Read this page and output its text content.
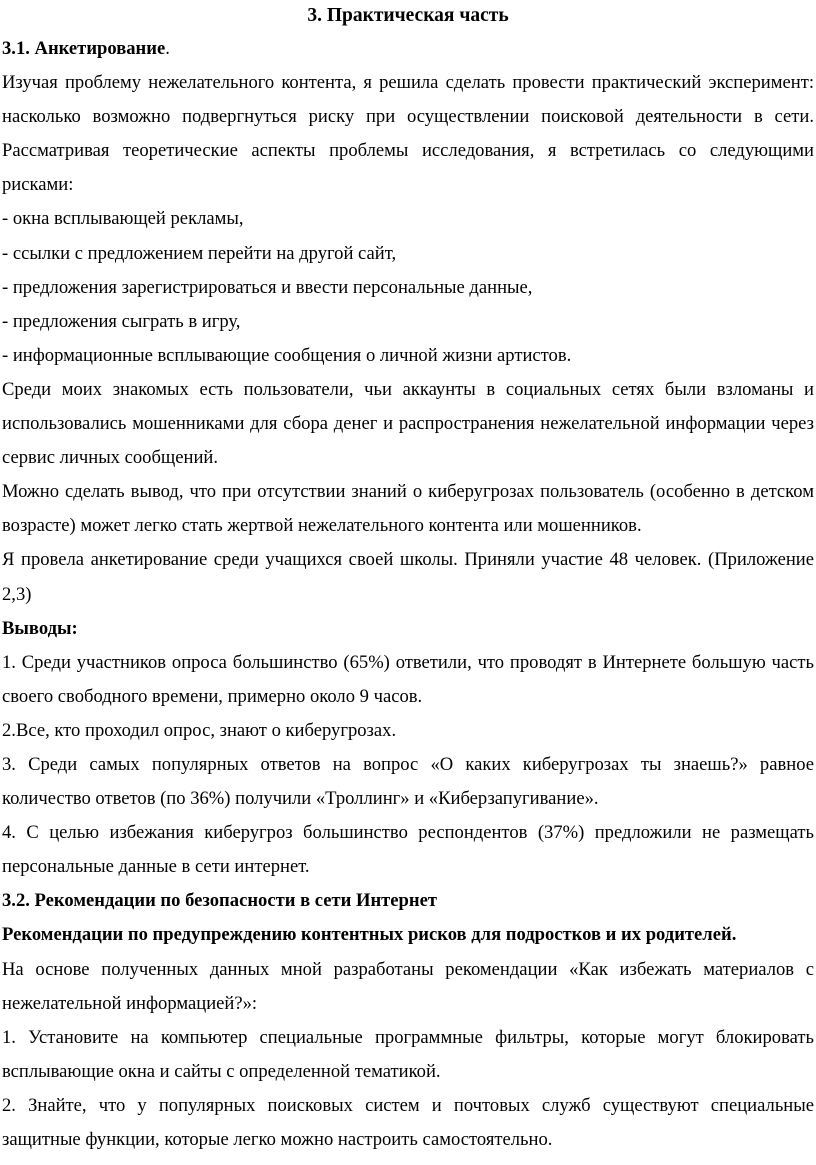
3. Практическая часть

3.1. Анкетирование.

Изучая проблему нежелательного контента, я решила сделать провести практический эксперимент: насколько возможно подвергнуться риску при осуществлении поисковой деятельности в сети. Рассматривая теоретические аспекты проблемы исследования, я встретилась со следующими рисками:

- окна всплывающей рекламы,

- ссылки с предложением перейти на другой сайт,

- предложения зарегистрироваться и ввести персональные данные,

- предложения сыграть в игру,

- информационные всплывающие сообщения о личной жизни артистов.

Среди моих знакомых есть пользователи, чьи аккаунты в социальных сетях были взломаны и использовались мошенниками для сбора денег и распространения нежелательной информации через сервис личных сообщений.

Можно сделать вывод, что при отсутствии знаний о киберугрозах пользователь (особенно в детском возрасте) может легко стать жертвой нежелательного контента или мошенников.

Я провела анкетирование среди учащихся своей школы. Приняли участие 48 человек. (Приложение 2,3)

Выводы:

1. Среди участников опроса большинство (65%) ответили, что проводят в Интернете большую часть своего свободного времени, примерно около 9 часов.

2.Все, кто проходил опрос, знают о киберугрозах.

3. Среди самых популярных ответов на вопрос «О каких киберугрозах ты знаешь?» равное количество ответов (по 36%) получили «Троллинг» и «Киберзапугивание».

4. С целью избежания киберугроз большинство респондентов (37%) предложили не размещать персональные данные в сети интернет.

3.2. Рекомендации по безопасности в сети Интернет

Рекомендации по предупреждению контентных рисков для подростков и их родителей.

На основе полученных данных мной разработаны рекомендации «Как избежать материалов с нежелательной информацией?»:

1. Установите на компьютер специальные программные фильтры, которые могут блокировать всплывающие окна и сайты с определенной тематикой.

2. Знайте, что у популярных поисковых систем и почтовых служб существуют специальные защитные функции, которые легко можно настроить самостоятельно.
